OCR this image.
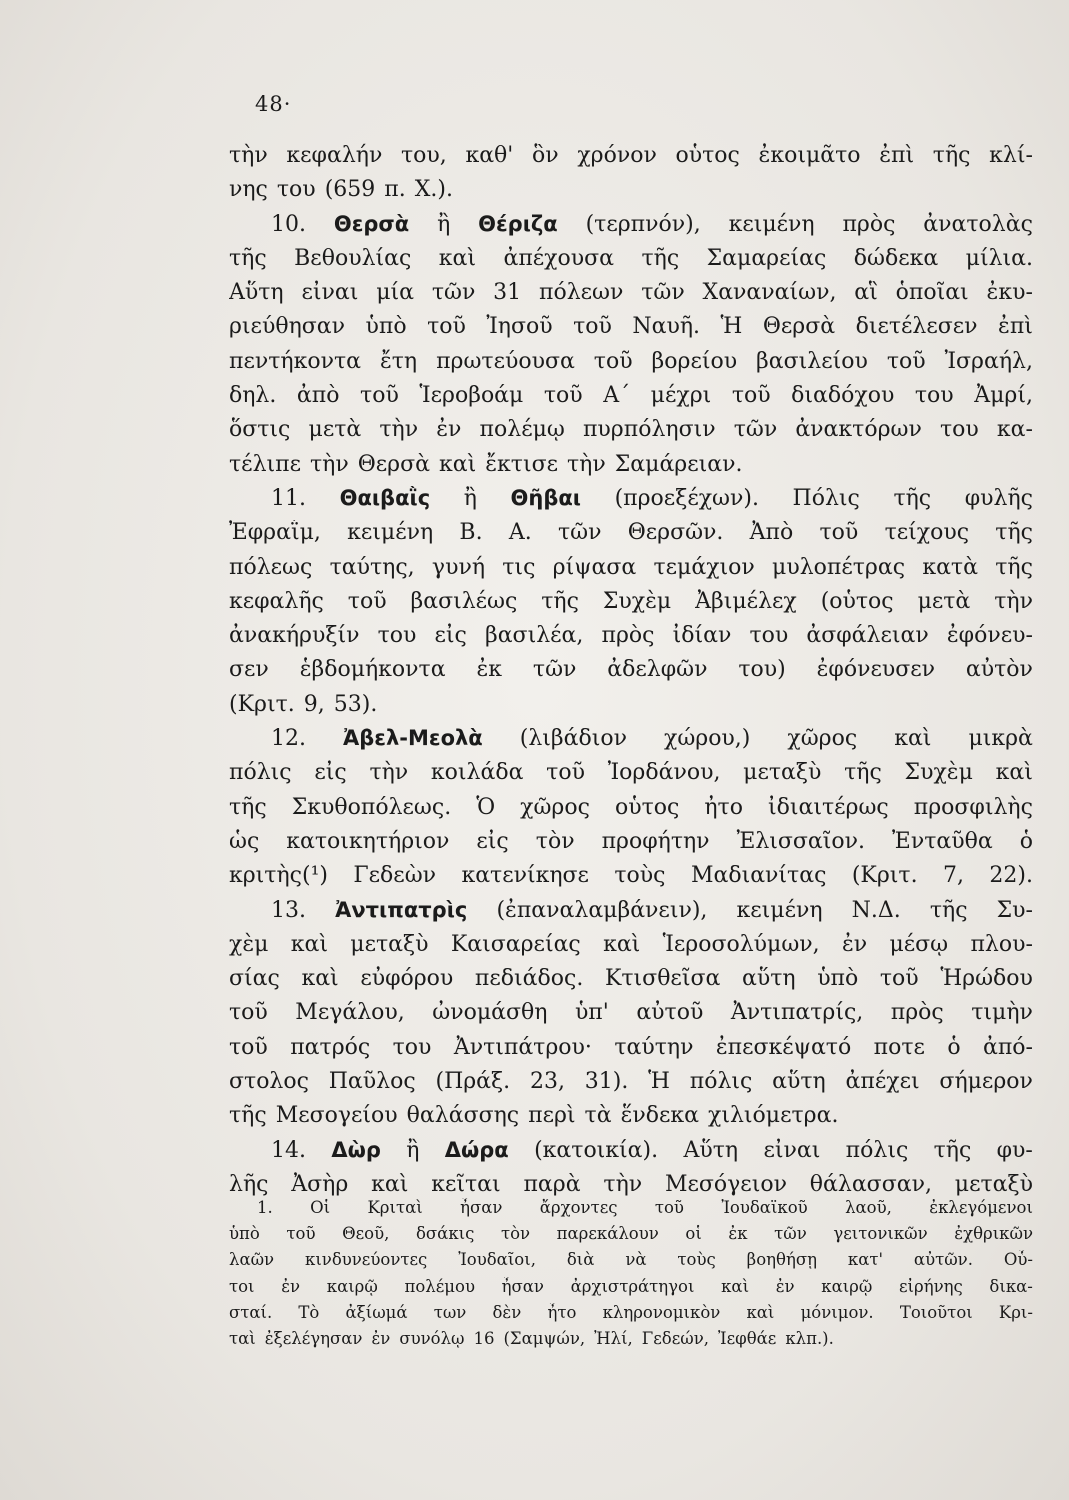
48·
τὴν κεφαλήν του, καθ' ὃν χρόνον οὗτος ἐκοιμᾶτο ἐπὶ τῆς κλί-
νης του (659 π. Χ.).
10. Θερσὰ ἢ Θέριζα (τερπνόν), κειμένη πρὸς ἀνατολὰς
τῆς Βεθουλίας καὶ ἀπέχουσα τῆς Σαμαρείας δώδεκα μίλια.
Αὕτη εἶναι μία τῶν 31 πόλεων τῶν Χαναναίων, αἳ ὁποῖαι ἐκυ-
ριεύθησαν ὑπὸ τοῦ Ἰησοῦ τοῦ Ναυῆ. Ἡ Θερσὰ διετέλεσεν ἐπὶ
πεντήκοντα ἔτη πρωτεύουσα τοῦ βορείου βασιλείου τοῦ Ἰσραήλ,
δηλ. ἀπὸ τοῦ Ἱεροβοάμ τοῦ Α΄ μέχρι τοῦ διαδόχου του Ἀμρί,
ὅστις μετὰ τὴν ἐν πολέμῳ πυρπόλησιν τῶν ἀνακτόρων του κα-
τέλιπε τὴν Θερσὰ καὶ ἔκτισε τὴν Σαμάρειαν.
11. Θαιβαῒς ἢ Θῆβαι (προεξέχων). Πόλις τῆς φυλῆς
Ἐφραΐμ, κειμένη Β. Α. τῶν Θερσῶν. Ἀπὸ τοῦ τείχους τῆς
πόλεως ταύτης, γυνή τις ρίψασα τεμάχιον μυλοπέτρας κατὰ τῆς
κεφαλῆς τοῦ βασιλέως τῆς Συχὲμ Ἀβιμέλεχ (οὗτος μετὰ τὴν
ἀνακήρυξίν του εἰς βασιλέα, πρὸς ἰδίαν του ἀσφάλειαν ἐφόνευ-
σεν ἑβδομήκοντα ἐκ τῶν ἀδελφῶν του) ἐφόνευσεν αὐτὸν
(Κριτ. 9, 53).
12. Ἀβελ-Μεολὰ (λιβάδιον χώρου,) χῶρος καὶ μικρὰ
πόλις εἰς τὴν κοιλάδα τοῦ Ἰορδάνου, μεταξὺ τῆς Συχὲμ καὶ
τῆς Σκυθοπόλεως. Ὁ χῶρος οὗτος ἦτο ἰδιαιτέρως προσφιλὴς
ὡς κατοικητήριον εἰς τὸν προφήτην Ἐλισσαῖον. Ἐνταῦθα ὁ
κριτὴς(¹) Γεδεὼν κατενίκησε τοὺς Μαδιανίτας (Κριτ. 7, 22).
13. Ἀντιπατρὶς (ἐπαναλαμβάνειν), κειμένη Ν.Δ. τῆς Συ-
χὲμ καὶ μεταξὺ Καισαρείας καὶ Ἱεροσολύμων, ἐν μέσῳ πλου-
σίας καὶ εὐφόρου πεδιάδος. Κτισθεῖσα αὕτη ὑπὸ τοῦ Ἡρώδου
τοῦ Μεγάλου, ὠνομάσθη ὑπ' αὐτοῦ Ἀντιπατρίς, πρὸς τιμὴν
τοῦ πατρός του Ἀντιπάτρου· ταύτην ἐπεσκέψατό ποτε ὁ ἀπό-
στολος Παῦλος (Πράξ. 23, 31). Ἡ πόλις αὕτη ἀπέχει σήμερον
τῆς Μεσογείου θαλάσσης περὶ τὰ ἕνδεκα χιλιόμετρα.
14. Δὼρ ἢ Δώρα (κατοικία). Αὕτη εἶναι πόλις τῆς φυ-
λῆς Ἀσὴρ καὶ κεῖται παρὰ τὴν Μεσόγειον θάλασσαν, μεταξὺ
1. Οἱ Κριταὶ ἦσαν ἄρχοντες τοῦ Ἰουδαϊκοῦ λαοῦ, ἐκλεγόμενοι
ὑπὸ τοῦ Θεοῦ, δσάκις τὸν παρεκάλουν οἱ ἐκ τῶν γειτονικῶν ἐχθρικῶν
λαῶν κινδυνεύοντες Ἰουδαῖοι, διὰ νὰ τοὺς βοηθήσῃ κατ' αὐτῶν. Οὗ-
τοι ἐν καιρῷ πολέμου ἦσαν ἀρχιστράτηγοι καὶ ἐν καιρῷ εἰρήνης δικα-
σταί. Τὸ ἀξίωμά των δὲν ἦτο κληρονομικὸν καὶ μόνιμον. Τοιοῦτοι Κρι-
ταὶ ἐξελέγησαν ἐν συνόλῳ 16 (Σαμψών, Ἠλί, Γεδεών, Ἰεφθάε κλπ.).
